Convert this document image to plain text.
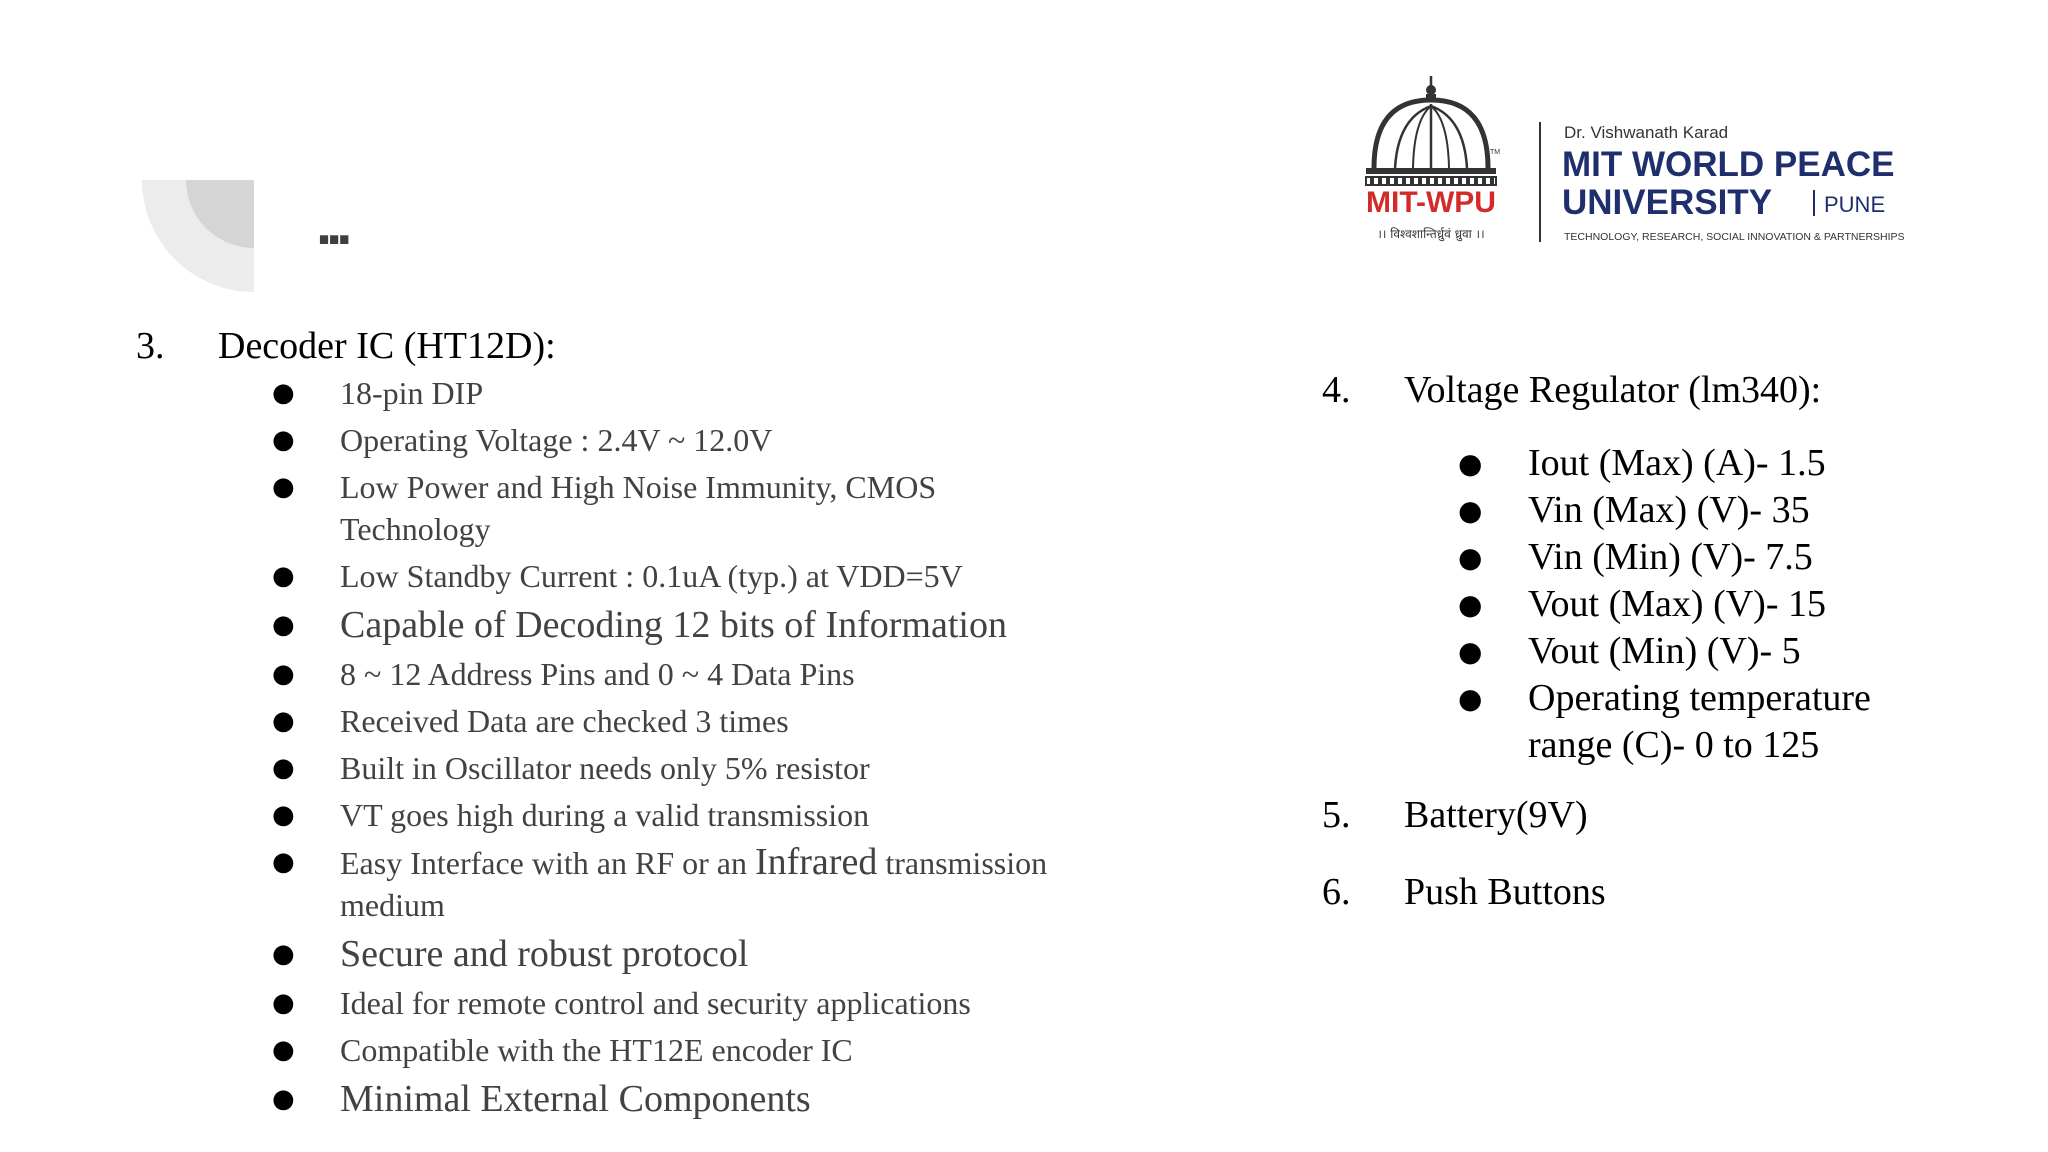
...
TM
MIT-WPU
।। विश्वशान्तिर्ध्रुवं ध्रुवा ।।
Dr. Vishwanath Karad
MIT WORLD PEACE
UNIVERSITY PUNE
TECHNOLOGY, RESEARCH, SOCIAL INNOVATION & PARTNERSHIPS
3.	Decoder IC (HT12D):
●	18-pin DIP
●	Operating Voltage : 2.4V ~ 12.0V
●	Low Power and High Noise Immunity, CMOS Technology
●	Low Standby Current : 0.1uA (typ.) at VDD=5V
●	Capable of Decoding 12 bits of Information
●	8 ~ 12 Address Pins and 0 ~ 4 Data Pins
●	Received Data are checked 3 times
●	Built in Oscillator needs only 5% resistor
●	VT goes high during a valid transmission
●	Easy Interface with an RF or an Infrared transmission medium
●	Secure and robust protocol
●	Ideal for remote control and security applications
●	Compatible with the HT12E encoder IC
●	Minimal External Components
4.	Voltage Regulator (lm340):
●	Iout (Max) (A)- 1.5
●	Vin (Max) (V)- 35
●	Vin (Min) (V)- 7.5
●	Vout (Max) (V)- 15
●	Vout (Min) (V)- 5
●	Operating temperature range (C)- 0 to 125
5.	Battery(9V)
6.	Push Buttons
